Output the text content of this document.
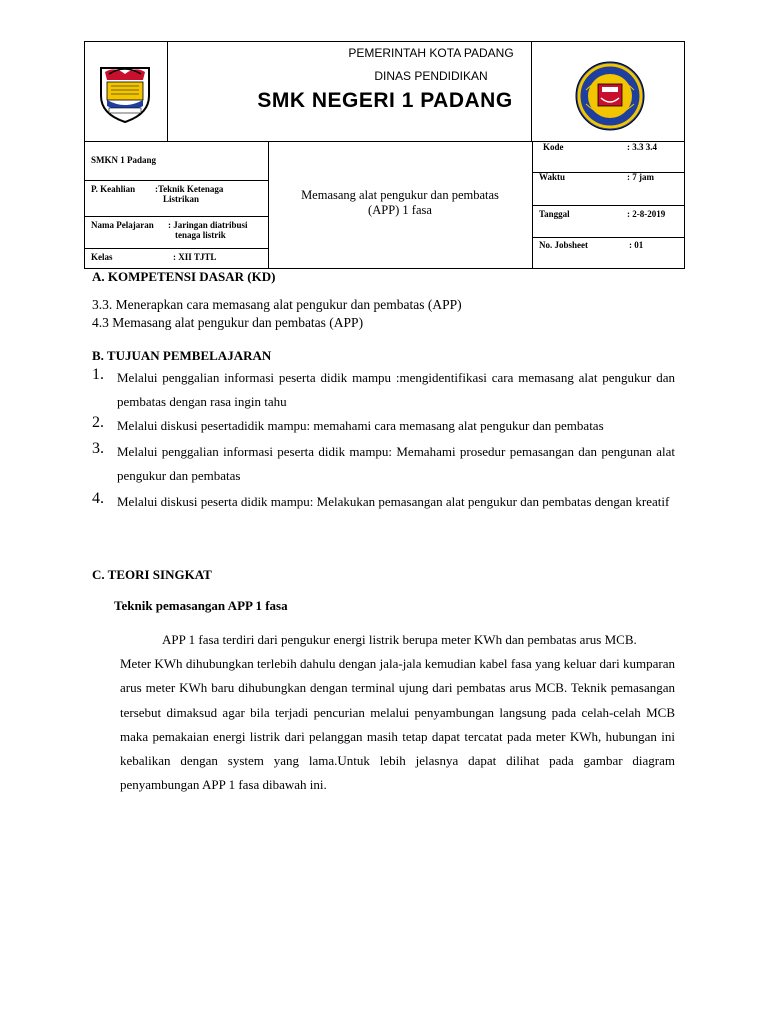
PEMERINTAH KOTA PADANG
DINAS PENDIDIKAN
SMK NEGERI 1 PADANG
SMKN 1 Padang
P. Keahlian :Teknik Ketenaga
Listrikan
Nama Pelajaran : Jaringan diatribusi
tenaga listrik
Kelas	: XII TJTL
Memasang alat pengukur dan pembatas
(APP) 1 fasa
Kode	: 3.3 3.4
Waktu	: 7 jam
Tanggal	: 2-8-2019
No. Jobsheet	: 01
A. KOMPETENSI DASAR (KD)
3.3. Menerapkan cara memasang alat pengukur dan pembatas (APP)
4.3 Memasang alat pengukur dan pembatas (APP)
B. TUJUAN PEMBELAJARAN
1. Melalui penggalian informasi peserta didik mampu :mengidentifikasi cara memasang alat pengukur dan pembatas dengan rasa ingin tahu
2. Melalui diskusi pesertadidik mampu: memahami cara memasang alat pengukur dan pembatas
3. Melalui penggalian informasi peserta didik mampu: Memahami prosedur pemasangan dan pengunan alat pengukur dan pembatas
4. Melalui diskusi peserta didik mampu: Melakukan pemasangan alat pengukur dan pembatas dengan kreatif
C. TEORI SINGKAT
Teknik pemasangan APP 1 fasa
APP 1 fasa terdiri dari pengukur energi listrik berupa meter KWh dan pembatas arus MCB.
Meter KWh dihubungkan terlebih dahulu dengan jala-jala kemudian kabel fasa yang keluar dari kumparan arus meter KWh baru dihubungkan dengan terminal ujung dari pembatas arus MCB. Teknik pemasangan tersebut dimaksud agar bila terjadi pencurian melalui penyambungan langsung pada celah-celah MCB maka pemakaian energi listrik dari pelanggan masih tetap dapat tercatat pada meter KWh, hubungan ini kebalikan dengan system yang lama.Untuk lebih jelasnya dapat dilihat pada gambar diagram penyambungan APP 1 fasa dibawah ini.
